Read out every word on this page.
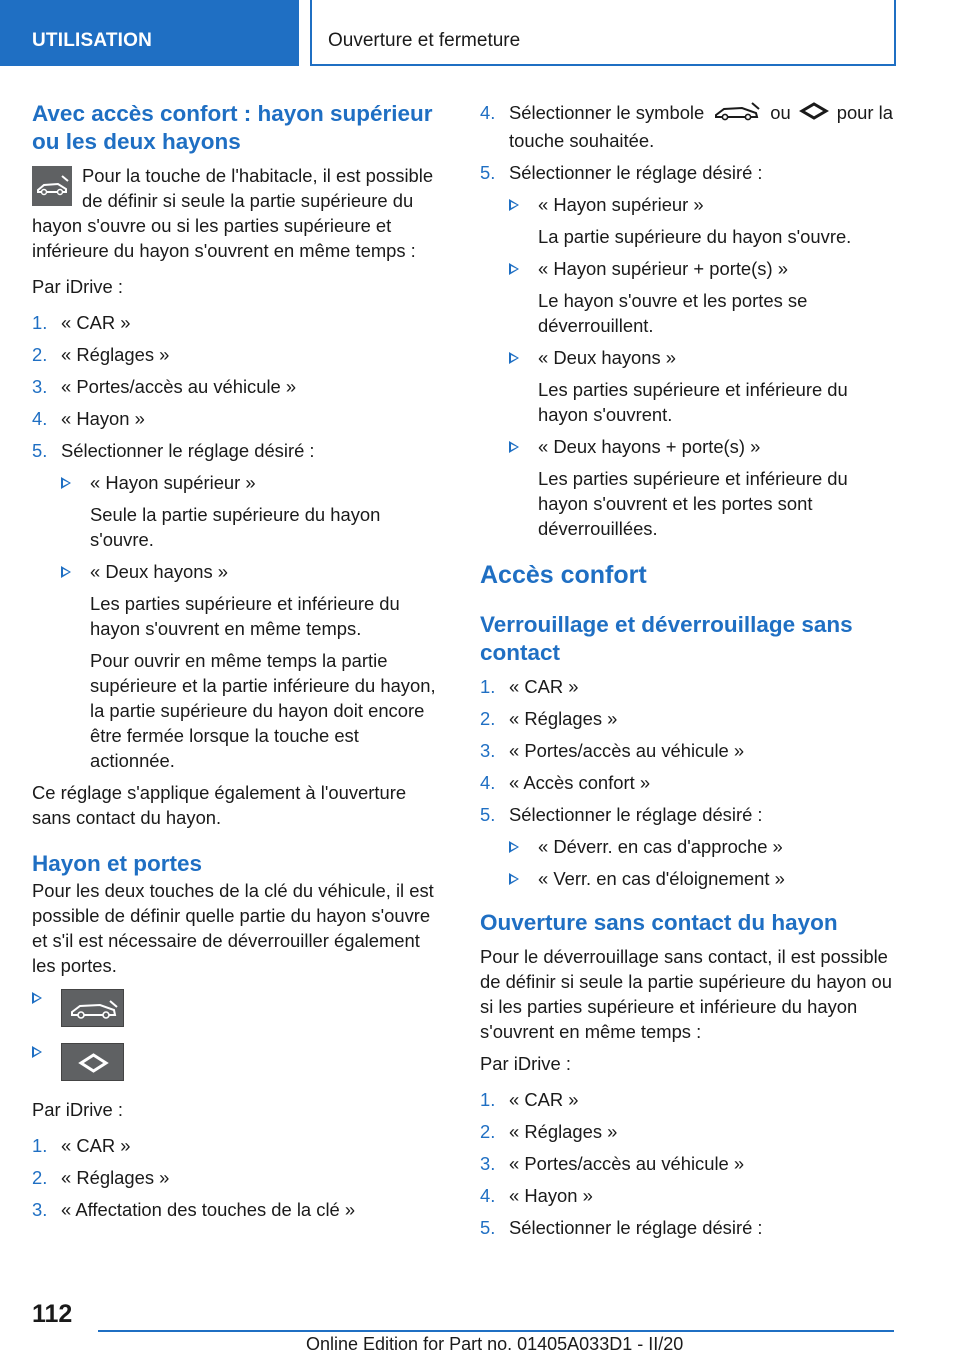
UTILISATION	Ouverture et fermeture
Avec accès confort : hayon supérieur ou les deux hayons

Pour la touche de l'habitacle, il est possible de définir si seule la partie supérieure du hayon s'ouvre ou si les parties supérieure et inférieure du hayon s'ouvrent en même temps :

Par iDrive :

1. « CAR »
2. « Réglages »
3. « Portes/accès au véhicule »
4. « Hayon »
5. Sélectionner le réglage désiré :
« Hayon supérieur »
Seule la partie supérieure du hayon s'ouvre.
« Deux hayons »
Les parties supérieure et inférieure du hayon s'ouvrent en même temps.
Pour ouvrir en même temps la partie supérieure et la partie inférieure du hayon, la partie supérieure du hayon doit encore être fermée lorsque la touche est actionnée.

Ce réglage s'applique également à l'ouverture sans contact du hayon.

Hayon et portes

Pour les deux touches de la clé du véhicule, il est possible de définir quelle partie du hayon s'ouvre et s'il est nécessaire de déverrouiller également les portes.

Par iDrive :

1. « CAR »
2. « Réglages »
3. « Affectation des touches de la clé »
4. Sélectionner le symbole	ou	pour la touche souhaitée.
5. Sélectionner le réglage désiré :
« Hayon supérieur »
La partie supérieure du hayon s'ouvre.
« Hayon supérieur + porte(s) »
Le hayon s'ouvre et les portes se déverrouillent.
« Deux hayons »
Les parties supérieure et inférieure du hayon s'ouvrent.
« Deux hayons + porte(s) »
Les parties supérieure et inférieure du hayon s'ouvrent et les portes sont déverrouillées.
Accès confort
Verrouillage et déverrouillage sans contact
1. « CAR »
2. « Réglages »
3. « Portes/accès au véhicule »
4. « Accès confort »
5. Sélectionner le réglage désiré :
« Déverr. en cas d'approche »
« Verr. en cas d'éloignement »
Ouverture sans contact du hayon

Pour le déverrouillage sans contact, il est possible de définir si seule la partie supérieure du hayon ou si les parties supérieure et inférieure du hayon s'ouvrent en même temps :

Par iDrive :

1. « CAR »
2. « Réglages »
3. « Portes/accès au véhicule »
4. « Hayon »
5. Sélectionner le réglage désiré :
112
Online Edition for Part no. 01405A033D1 - II/20
